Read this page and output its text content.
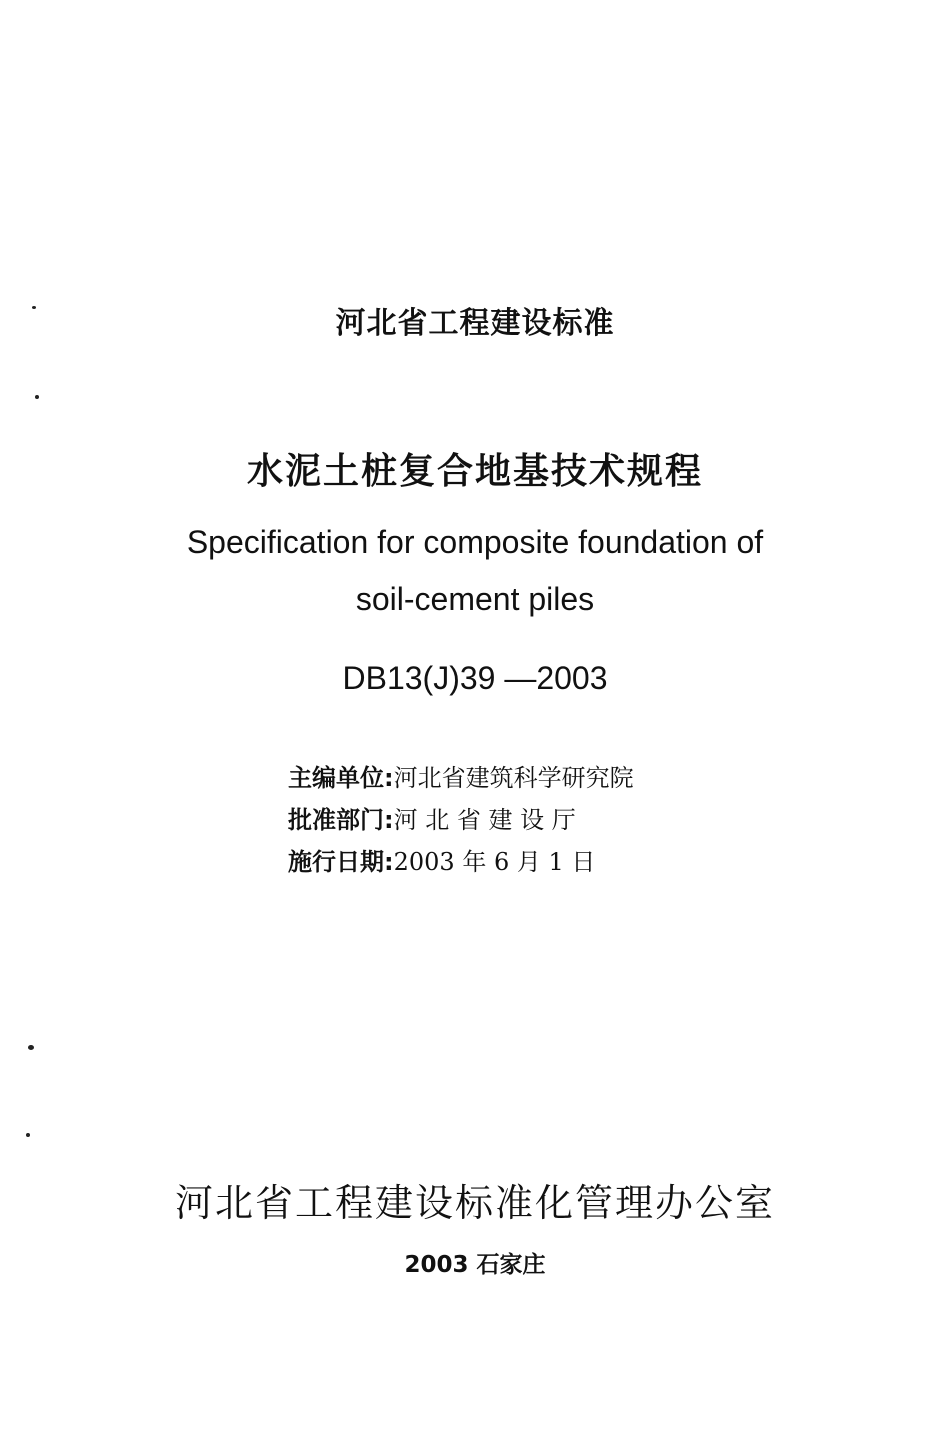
河北省工程建设标准
水泥土桩复合地基技术规程
Specification for composite foundation of
soil-cement piles
DB13(J)39 —2003
主编单位:河北省建筑科学研究院
批准部门:河 北 省 建 设 厅
施行日期:2003 年 6 月 1 日
河北省工程建设标准化管理办公室
2003 石家庄
